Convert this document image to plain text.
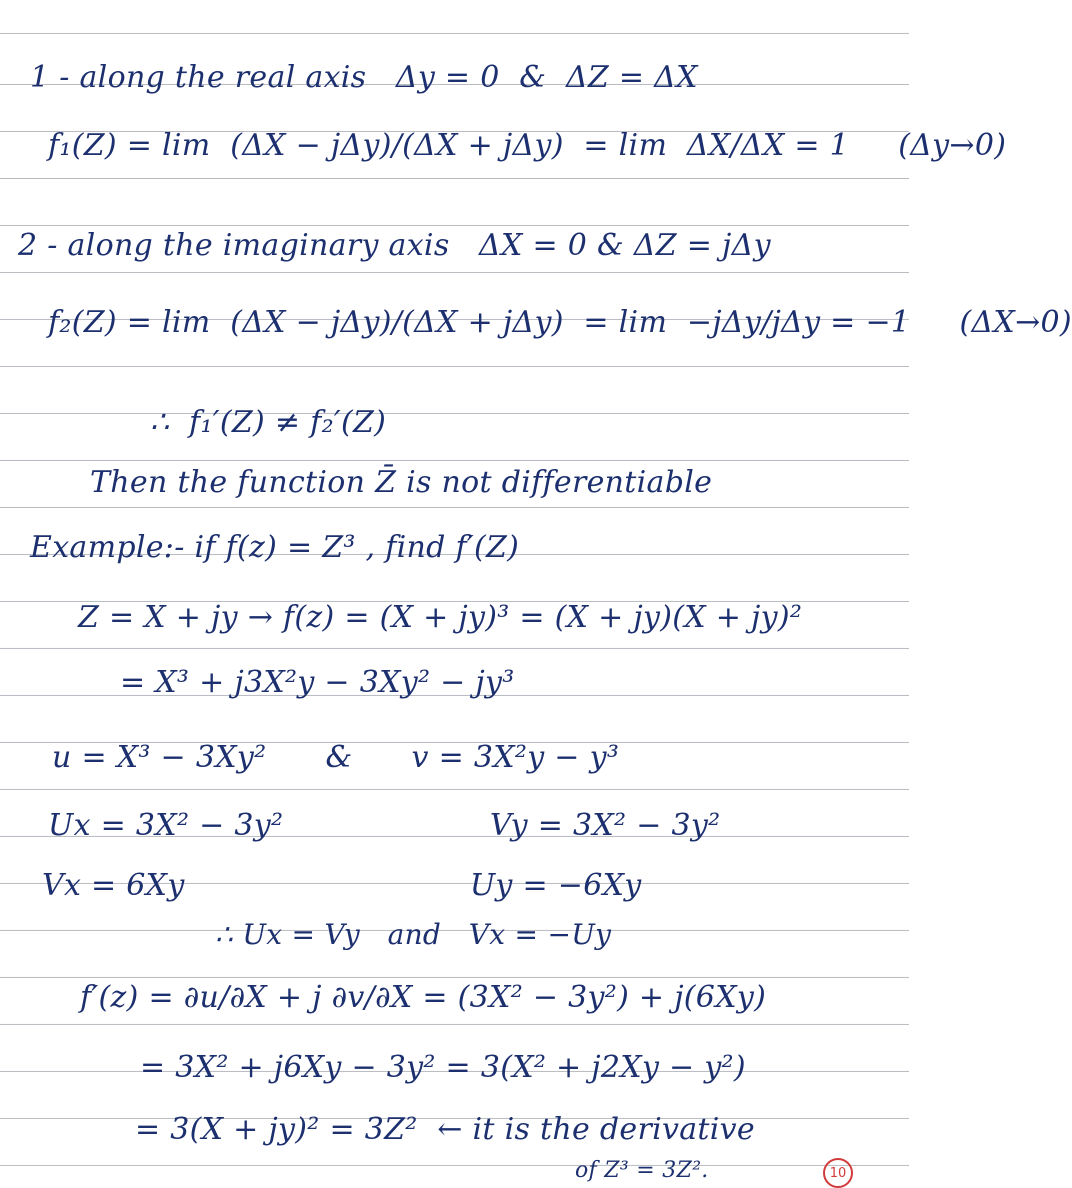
1 - along the real axis   Δy = 0  &  ΔZ = ΔX
f₁(Z) = lim  (ΔX − jΔy)/(ΔX + jΔy)  = lim  ΔX/ΔX = 1     (Δy→0)
2 - along the imaginary axis   ΔX = 0 & ΔZ = jΔy
f₂(Z) = lim  (ΔX − jΔy)/(ΔX + jΔy)  = lim  −jΔy/jΔy = −1     (ΔX→0)
∴  f₁′(Z) ≠ f₂′(Z)
Then the function Z̄ is not differentiable
Example:- if f(z) = Z³ , find f′(Z)
Z = X + jy → f(z) = (X + jy)³ = (X + jy)(X + jy)²
= X³ + j3X²y − 3Xy² − jy³
u = X³ − 3Xy²      &      v = 3X²y − y³
Ux = 3X² − 3y²                     Vy = 3X² − 3y²
Vx = 6Xy                             Uy = −6Xy
∴ Ux = Vy   and   Vx = −Uy
f′(z) = ∂u/∂X + j ∂v/∂X = (3X² − 3y²) + j(6Xy)
= 3X² + j6Xy − 3y² = 3(X² + j2Xy − y²)
= 3(X + jy)² = 3Z²  ← it is the derivative
of Z³ = 3Z².	10
